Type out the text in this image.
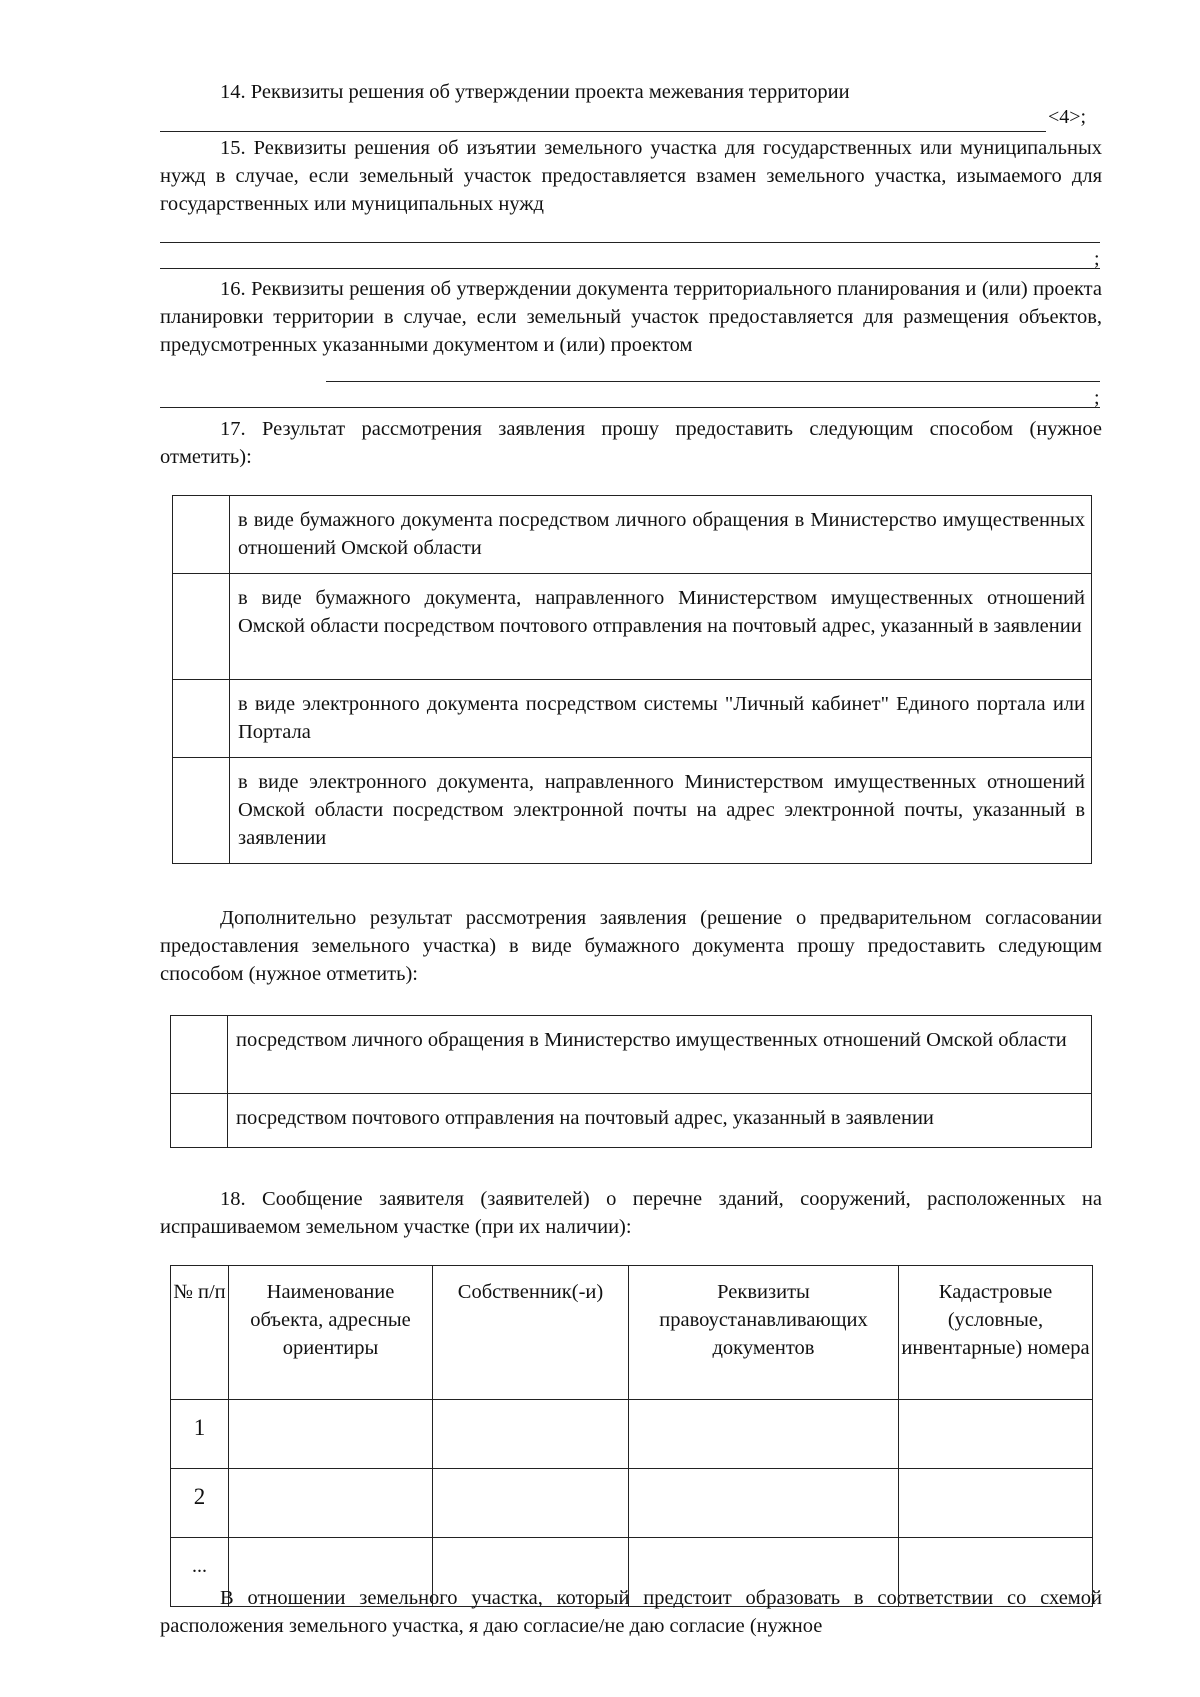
14. Реквизиты решения об утверждении проекта межевания территории
<4>;
15. Реквизиты решения об изъятии земельного участка для государственных или муниципальных нужд в случае, если земельный участок предоставляется взамен земельного участка, изымаемого для государственных или муниципальных нужд
;
16. Реквизиты решения об утверждении документа территориального планирования и (или) проекта планировки территории в случае, если земельный участок предоставляется для размещения объектов, предусмотренных указанными документом и (или) проектом
;
17. Результат рассмотрения заявления прошу предоставить следующим способом (нужное отметить):
	в виде бумажного документа посредством личного обращения в Министерство имущественных отношений Омской области
	в виде бумажного документа, направленного Министерством имущественных отношений Омской области посредством почтового отправления на почтовый адрес, указанный в заявлении
	в виде электронного документа посредством системы "Личный кабинет" Единого портала или Портала
	в виде электронного документа, направленного Министерством имущественных отношений Омской области посредством электронной почты на адрес электронной почты, указанный в заявлении
Дополнительно результат рассмотрения заявления (решение о предварительном согласовании предоставления земельного участка) в виде бумажного документа прошу предоставить следующим способом (нужное отметить):
	посредством личного обращения в Министерство имущественных отношений Омской области
	посредством почтового отправления на почтовый адрес, указанный в заявлении
18. Сообщение заявителя (заявителей) о перечне зданий, сооружений, расположенных на испрашиваемом земельном участке (при их наличии):
№ п/п	Наименование объекта, адресные ориентиры	Собственник(-и)	Реквизиты правоустанавливающих документов	Кадастровые (условные, инвентарные) номера
1				
2				
...				
В отношении земельного участка, который предстоит образовать в соответствии со схемой расположения земельного участка, я даю согласие/не даю согласие (нужное
